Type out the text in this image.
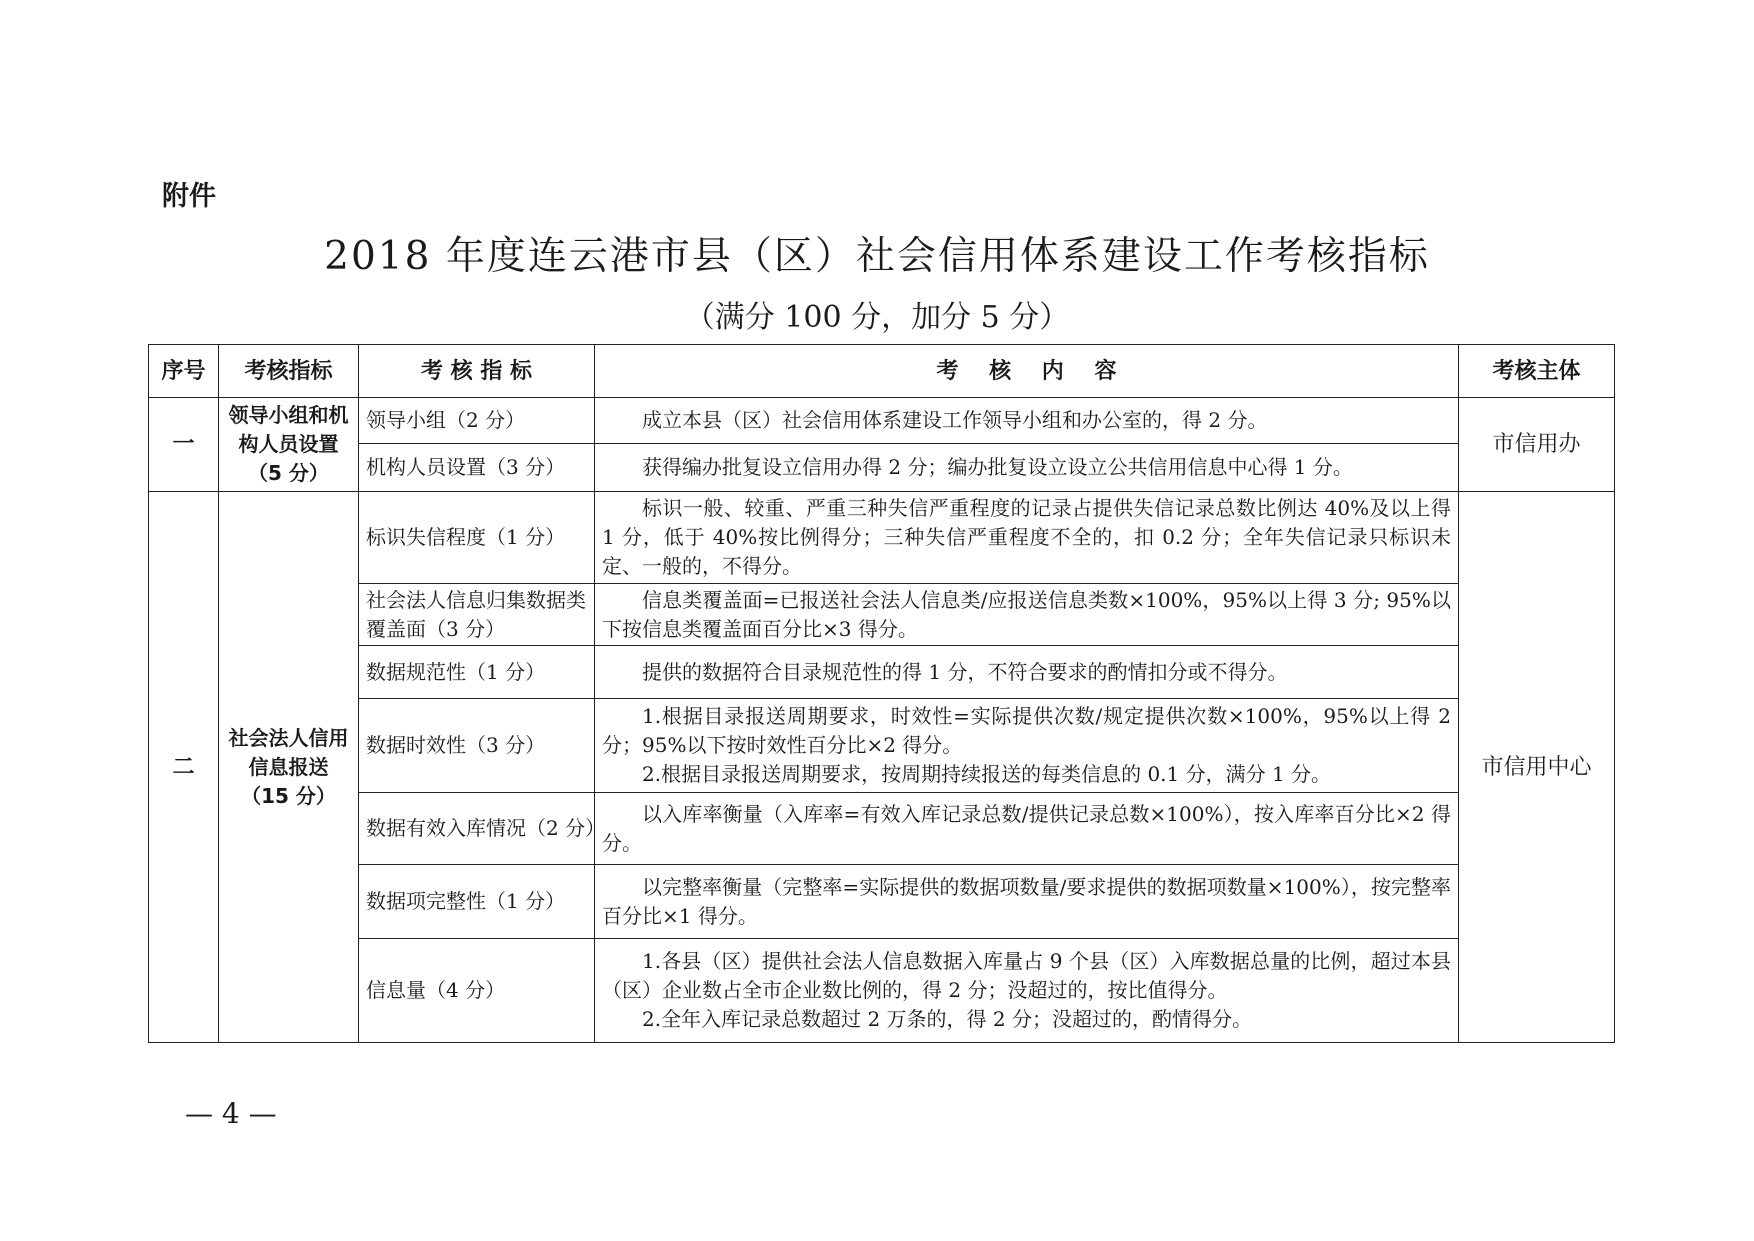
附件
2018 年度连云港市县（区）社会信用体系建设工作考核指标
（满分 100 分，加分 5 分）
序号	考核指标	考 核 指 标	考    核    内    容	考核主体
一	领导小组和机构人员设置（5 分）	领导小组（2 分）	成立本县（区）社会信用体系建设工作领导小组和办公室的，得 2 分。	市信用办
		机构人员设置（3 分）	获得编办批复设立信用办得 2 分；编办批复设立设立公共信用信息中心得 1 分。	

二	社会法人信用信息报送（15 分）	标识失信程度（1 分）	标识一般、较重、严重三种失信严重程度的记录占提供失信记录总数比例达 40%及以上得 1 分，低于 40%按比例得分；三种失信严重程度不全的，扣 0.2 分；全年失信记录只标识未定、一般的，不得分。	市信用中心
		社会法人信息归集数据类覆盖面（3 分）	信息类覆盖面=已报送社会法人信息类/应报送信息类数×100%，95%以上得 3 分; 95%以下按信息类覆盖面百分比×3 得分。	

		数据规范性（1 分）	提供的数据符合目录规范性的得 1 分，不符合要求的酌情扣分或不得分。	

		数据时效性（3 分）	1.根据目录报送周期要求，时效性=实际提供次数/规定提供次数×100%，95%以上得 2 分；95%以下按时效性百分比×2 得分。
2.根据目录报送周期要求，按周期持续报送的每类信息的 0.1 分，满分 1 分。	

		数据有效入库情况（2 分）	以入库率衡量（入库率=有效入库记录总数/提供记录总数×100%），按入库率百分比×2 得分。	

		数据项完整性（1 分）	以完整率衡量（完整率=实际提供的数据项数量/要求提供的数据项数量×100%），按完整率百分比×1 得分。	

		信息量（4 分）	1.各县（区）提供社会法人信息数据入库量占 9 个县（区）入库数据总量的比例，超过本县（区）企业数占全市企业数比例的，得 2 分；没超过的，按比值得分。
2.全年入库记录总数超过 2 万条的，得 2 分；没超过的，酌情得分。	
— 4 —
